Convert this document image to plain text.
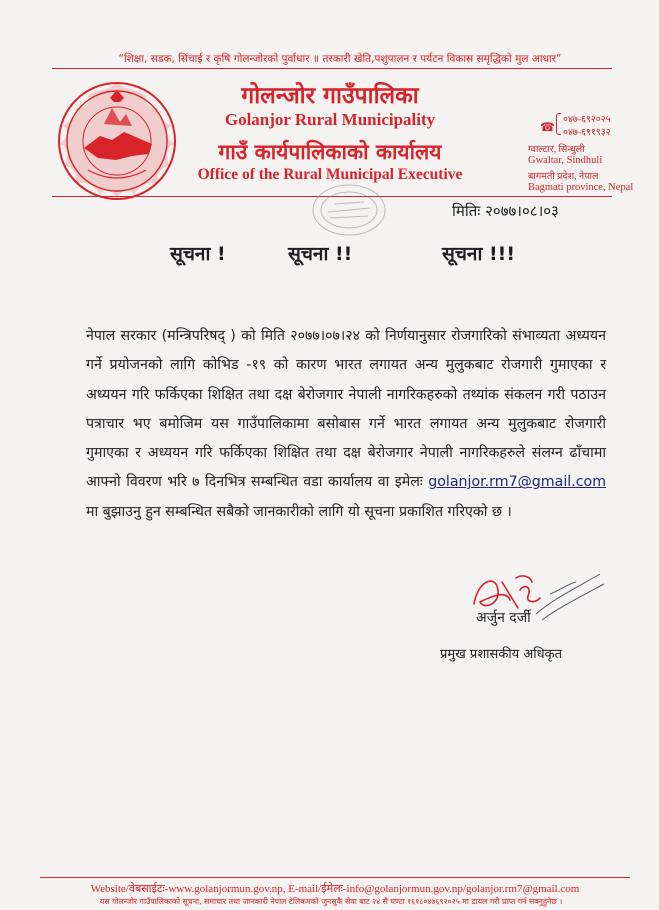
“शिक्षा, सडक, सिंचाई र कृषि गोलन्जोरको पुर्वाधार ॥ तरकारी खेति,पशुपालन र पर्यटन विकास समृद्धिको मुल आधार”
गोलन्जोर गाउँपालिका
Golanjor Rural Municipality
गाउँ कार्यपालिकाको कार्यालय
Office of the Rural Municipal Executive
☎ ०४७-६९२०२५
०४७-६९१९३२
ग्वाल्टार, सिन्धुली
Gwaltar, Sindhuli
बागमती प्रदेश, नेपाल
Bagmati province, Nepal
मितिः २०७७।०८।०३
सूचना !	सूचना !!	सूचना !!!
नेपाल सरकार (मन्त्रिपरिषद् ) को मिति २०७७।०७।२४ को निर्णयानुसार रोजगारिको संभाव्यता अध्ययन गर्ने प्रयोजनको लागि कोभिड -१९ को कारण भारत लगायत अन्य मुलुकबाट रोजगारी गुमाएका र अध्ययन गरि फर्किएका शिक्षित तथा दक्ष बेरोजगार नेपाली नागरिकहरुको तथ्यांक संकलन गरी पठाउन पत्राचार भए बमोजिम यस गाउँपालिकामा बसोबास गर्ने भारत लगायत अन्य मुलुकबाट रोजगारी गुमाएका र अध्ययन गरि फर्किएका शिक्षित तथा दक्ष बेरोजगार नेपाली नागरिकहरुले संलग्न ढाँचामा आफ्नो विवरण भरि ७ दिनभित्र सम्बन्धित वडा कार्यालय वा इमेलः golanjor.rm7@gmail.com मा बुझाउनु हुन सम्बन्धित सबैको जानकारीको लागि यो सूचना प्रकाशित गरिएको छ ।
अर्जुन दर्जी
प्रमुख प्रशासकीय अधिकृत
Website/वेबसाईटः-www.golanjormun.gov.np, E-mail/ईमेलः-info@golanjormun.gov.np/golanjor.rm7@gmail.com
यस गोलन्जोर गाउँपालिकाको सूचना, समाचार तथा जानकारी नेपाल टेलिकमको जुनसुकै सेवा बाट २४ सै घण्टा १६१८०४७६९२०२५ मा डायल गरी प्राप्त गर्न सक्नुहुनेछ ।
